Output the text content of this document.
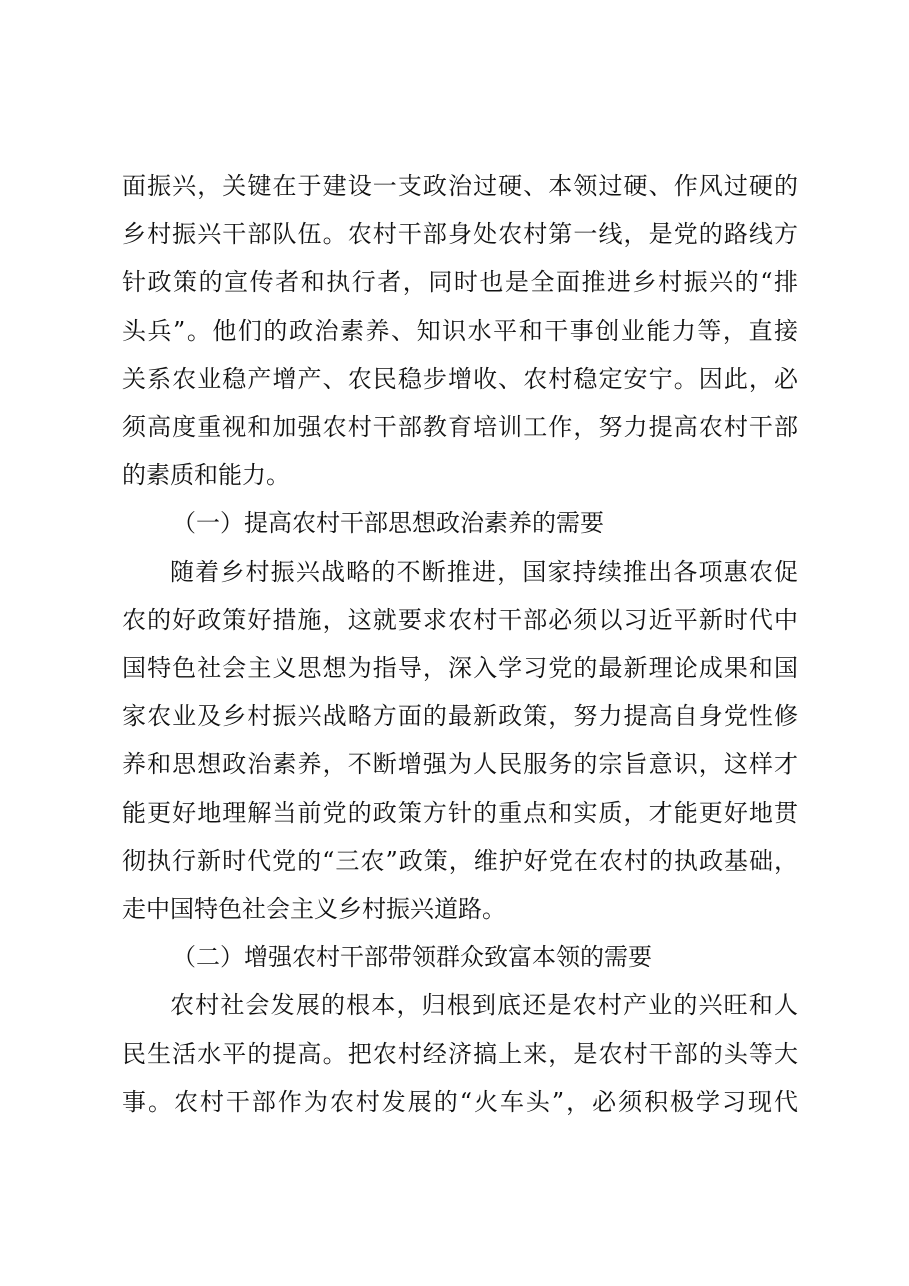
面振兴，关键在于建设一支政治过硬、本领过硬、作风过硬的
乡村振兴干部队伍。农村干部身处农村第一线，是党的路线方
针政策的宣传者和执行者，同时也是全面推进乡村振兴的“排
头兵”。他们的政治素养、知识水平和干事创业能力等，直接
关系农业稳产增产、农民稳步增收、农村稳定安宁。因此，必
须高度重视和加强农村干部教育培训工作，努力提高农村干部
的素质和能力。
（一）提高农村干部思想政治素养的需要
随着乡村振兴战略的不断推进，国家持续推出各项惠农促
农的好政策好措施，这就要求农村干部必须以习近平新时代中
国特色社会主义思想为指导，深入学习党的最新理论成果和国
家农业及乡村振兴战略方面的最新政策，努力提高自身党性修
养和思想政治素养，不断增强为人民服务的宗旨意识，这样才
能更好地理解当前党的政策方针的重点和实质，才能更好地贯
彻执行新时代党的“三农”政策，维护好党在农村的执政基础，
走中国特色社会主义乡村振兴道路。
（二）增强农村干部带领群众致富本领的需要
农村社会发展的根本，归根到底还是农村产业的兴旺和人
民生活水平的提高。把农村经济搞上来，是农村干部的头等大
事。农村干部作为农村发展的“火车头”，必须积极学习现代
